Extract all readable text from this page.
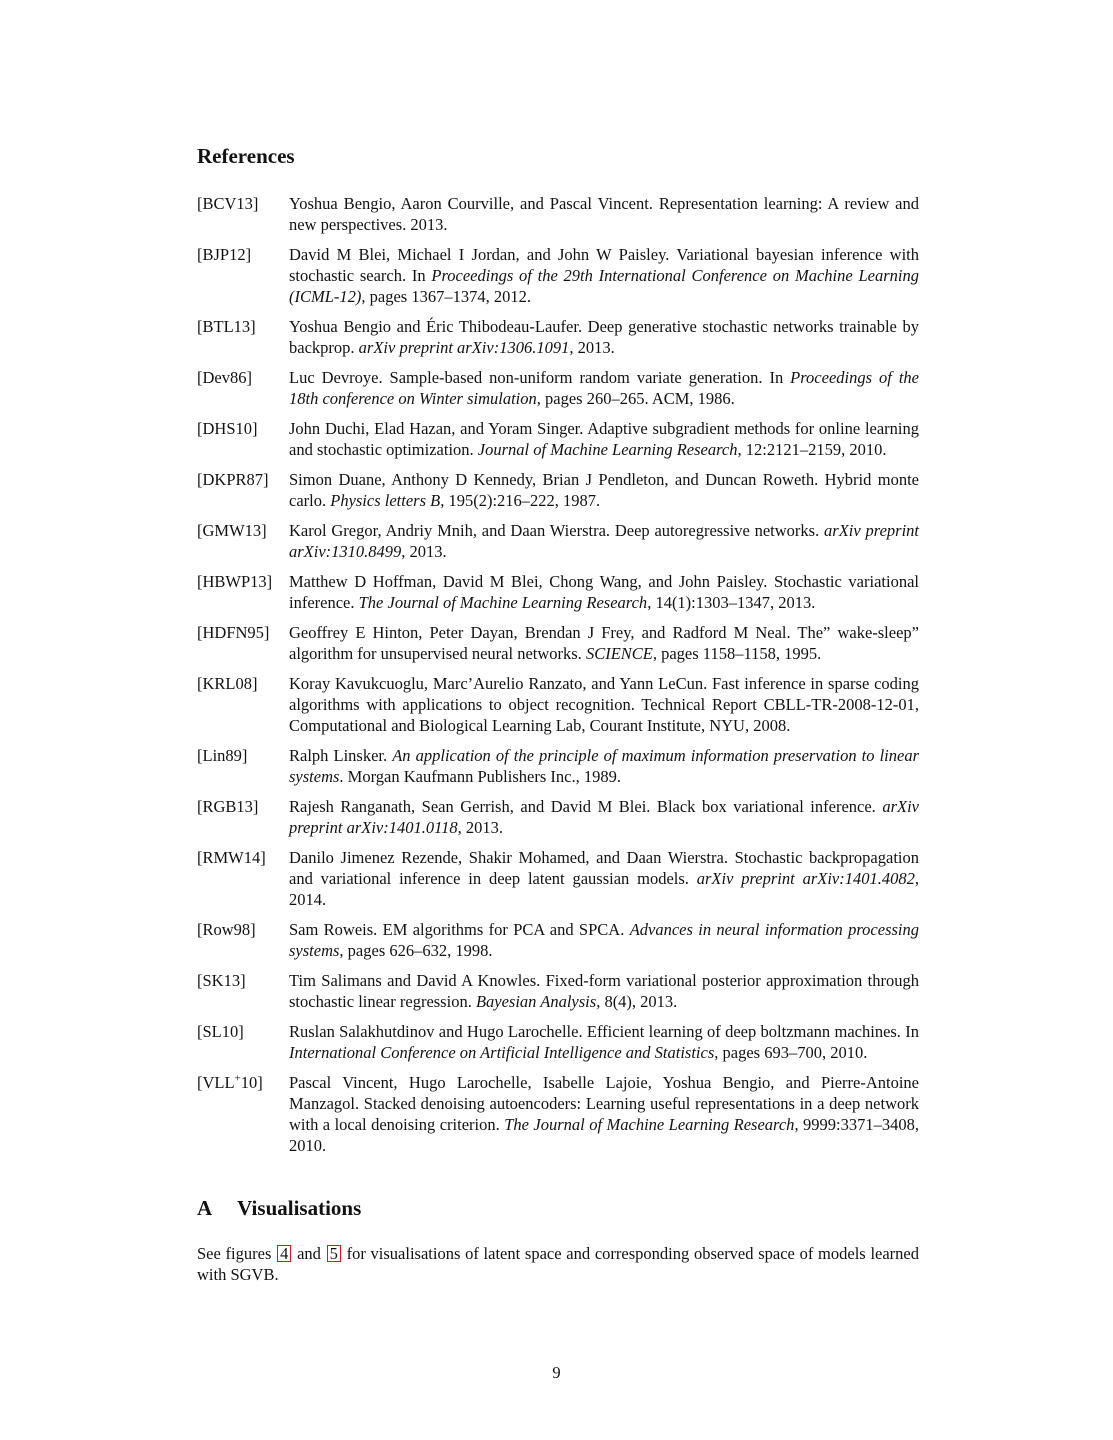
References
[BCV13]	Yoshua Bengio, Aaron Courville, and Pascal Vincent. Representation learning: A review and new perspectives. 2013.
[BJP12]	David M Blei, Michael I Jordan, and John W Paisley. Variational bayesian inference with stochastic search. In Proceedings of the 29th International Conference on Machine Learning (ICML-12), pages 1367–1374, 2012.
[BTL13]	Yoshua Bengio and Éric Thibodeau-Laufer. Deep generative stochastic networks trainable by backprop. arXiv preprint arXiv:1306.1091, 2013.
[Dev86]	Luc Devroye. Sample-based non-uniform random variate generation. In Proceedings of the 18th conference on Winter simulation, pages 260–265. ACM, 1986.
[DHS10]	John Duchi, Elad Hazan, and Yoram Singer. Adaptive subgradient methods for online learning and stochastic optimization. Journal of Machine Learning Research, 12:2121–2159, 2010.
[DKPR87]	Simon Duane, Anthony D Kennedy, Brian J Pendleton, and Duncan Roweth. Hybrid monte carlo. Physics letters B, 195(2):216–222, 1987.
[GMW13]	Karol Gregor, Andriy Mnih, and Daan Wierstra. Deep autoregressive networks. arXiv preprint arXiv:1310.8499, 2013.
[HBWP13]	Matthew D Hoffman, David M Blei, Chong Wang, and John Paisley. Stochastic variational inference. The Journal of Machine Learning Research, 14(1):1303–1347, 2013.
[HDFN95]	Geoffrey E Hinton, Peter Dayan, Brendan J Frey, and Radford M Neal. The” wake-sleep” algorithm for unsupervised neural networks. SCIENCE, pages 1158–1158, 1995.
[KRL08]	Koray Kavukcuoglu, Marc’Aurelio Ranzato, and Yann LeCun. Fast inference in sparse coding algorithms with applications to object recognition. Technical Report CBLL-TR-2008-12-01, Computational and Biological Learning Lab, Courant Institute, NYU, 2008.
[Lin89]	Ralph Linsker. An application of the principle of maximum information preservation to linear systems. Morgan Kaufmann Publishers Inc., 1989.
[RGB13]	Rajesh Ranganath, Sean Gerrish, and David M Blei. Black box variational inference. arXiv preprint arXiv:1401.0118, 2013.
[RMW14]	Danilo Jimenez Rezende, Shakir Mohamed, and Daan Wierstra. Stochastic backpropagation and variational inference in deep latent gaussian models. arXiv preprint arXiv:1401.4082, 2014.
[Row98]	Sam Roweis. EM algorithms for PCA and SPCA. Advances in neural information processing systems, pages 626–632, 1998.
[SK13]	Tim Salimans and David A Knowles. Fixed-form variational posterior approximation through stochastic linear regression. Bayesian Analysis, 8(4), 2013.
[SL10]	Ruslan Salakhutdinov and Hugo Larochelle. Efficient learning of deep boltzmann machines. In International Conference on Artificial Intelligence and Statistics, pages 693–700, 2010.
[VLL+10]	Pascal Vincent, Hugo Larochelle, Isabelle Lajoie, Yoshua Bengio, and Pierre-Antoine Manzagol. Stacked denoising autoencoders: Learning useful representations in a deep network with a local denoising criterion. The Journal of Machine Learning Research, 9999:3371–3408, 2010.
A Visualisations

See figures 4 and 5 for visualisations of latent space and corresponding observed space of models learned with SGVB.

9
